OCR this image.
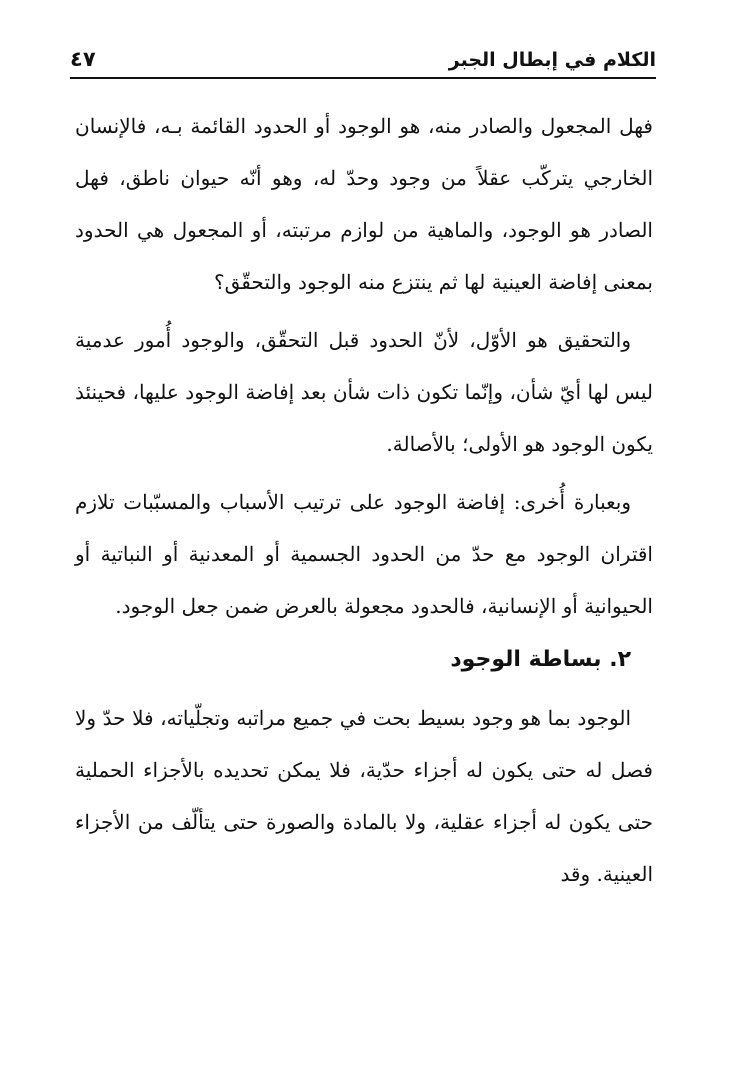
الكلام في إبطال الجبر
٤٧

فهل المجعول والصادر منه، هو الوجود أو الحدود القائمة بـه، فالإنسان الخارجي يتركّب عقلاً من وجود وحدّ له، وهو أنّه حيوان ناطق، فهل الصادر هو الوجود، والماهية من لوازم مرتبته، أو المجعول هي الحدود بمعنى إفاضة العينية لها ثم ينتزع منه الوجود والتحقّق؟

والتحقيق هو الأوّل، لأنّ الحدود قبل التحقّق، والوجود أُمور عدمية ليس لها أيّ شأن، وإنّما تكون ذات شأن بعد إفاضة الوجود عليها، فحينئذ يكون الوجود هو الأولى؛ بالأصالة.

وبعبارة أُخرى: إفاضة الوجود على ترتيب الأسباب والمسبّبات تلازم اقتران الوجود مع حدّ من الحدود الجسمية أو المعدنية أو النباتية أو الحيوانية أو الإنسانية، فالحدود مجعولة بالعرض ضمن جعل الوجود.

٢. بساطة الوجود

الوجود بما هو وجود بسيط بحت في جميع مراتبه وتجلّياته، فلا حدّ ولا فصل له حتى يكون له أجزاء حدّية، فلا يمكن تحديده بالأجزاء الحملية حتى يكون له أجزاء عقلية، ولا بالمادة والصورة حتى يتألّف من الأجزاء العينية. وقد
